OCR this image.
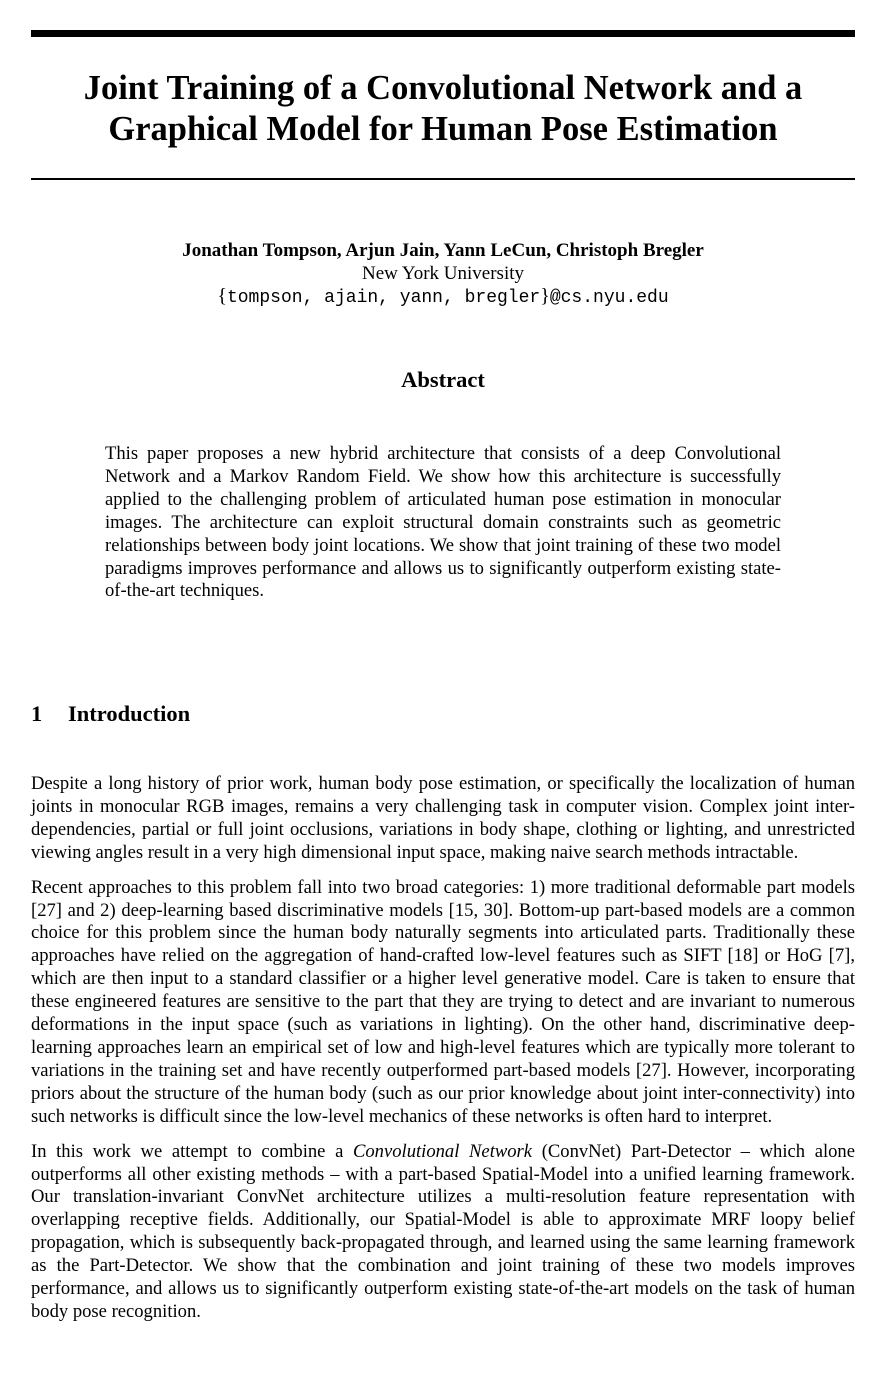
Joint Training of a Convolutional Network and a
Graphical Model for Human Pose Estimation
Jonathan Tompson, Arjun Jain, Yann LeCun, Christoph Bregler
New York University
{tompson, ajain, yann, bregler}@cs.nyu.edu
Abstract

This paper proposes a new hybrid architecture that consists of a deep Convolutional Network and a Markov Random Field. We show how this architecture is successfully applied to the challenging problem of articulated human pose estimation in monocular images. The architecture can exploit structural domain constraints such as geometric relationships between body joint locations. We show that joint training of these two model paradigms improves performance and allows us to significantly outperform existing state-of-the-art techniques.

1 Introduction

Despite a long history of prior work, human body pose estimation, or specifically the localization of human joints in monocular RGB images, remains a very challenging task in computer vision. Complex joint inter-dependencies, partial or full joint occlusions, variations in body shape, clothing or lighting, and unrestricted viewing angles result in a very high dimensional input space, making naive search methods intractable.

Recent approaches to this problem fall into two broad categories: 1) more traditional deformable part models [27] and 2) deep-learning based discriminative models [15, 30]. Bottom-up part-based models are a common choice for this problem since the human body naturally segments into articulated parts. Traditionally these approaches have relied on the aggregation of hand-crafted low-level features such as SIFT [18] or HoG [7], which are then input to a standard classifier or a higher level generative model. Care is taken to ensure that these engineered features are sensitive to the part that they are trying to detect and are invariant to numerous deformations in the input space (such as variations in lighting). On the other hand, discriminative deep-learning approaches learn an empirical set of low and high-level features which are typically more tolerant to variations in the training set and have recently outperformed part-based models [27]. However, incorporating priors about the structure of the human body (such as our prior knowledge about joint inter-connectivity) into such networks is difficult since the low-level mechanics of these networks is often hard to interpret.

In this work we attempt to combine a Convolutional Network (ConvNet) Part-Detector – which alone outperforms all other existing methods – with a part-based Spatial-Model into a unified learning framework. Our translation-invariant ConvNet architecture utilizes a multi-resolution feature representation with overlapping receptive fields. Additionally, our Spatial-Model is able to approximate MRF loopy belief propagation, which is subsequently back-propagated through, and learned using the same learning framework as the Part-Detector. We show that the combination and joint training of these two models improves performance, and allows us to significantly outperform existing state-of-the-art models on the task of human body pose recognition.
